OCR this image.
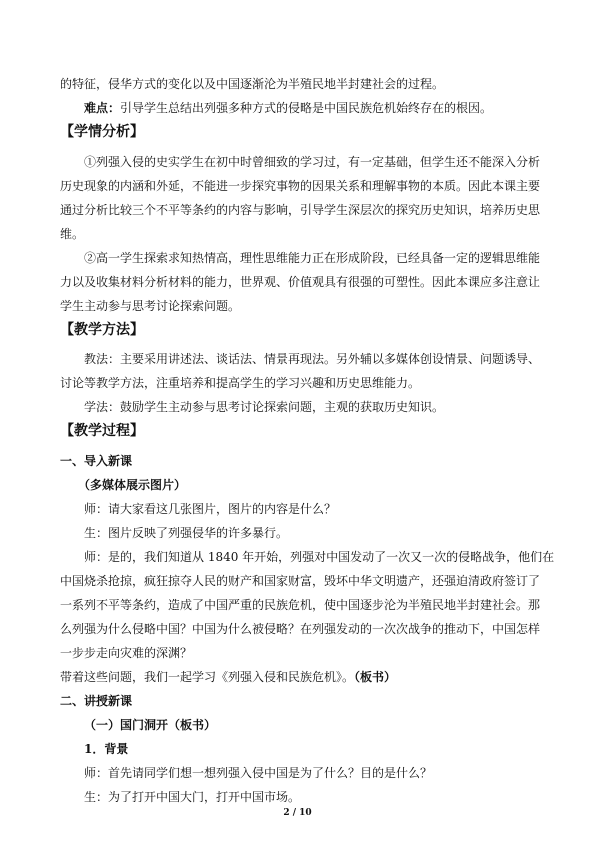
的特征，侵华方式的变化以及中国逐渐沦为半殖民地半封建社会的过程。
难点：引导学生总结出列强多种方式的侵略是中国民族危机始终存在的根因。
【学情分析】
①列强入侵的史实学生在初中时曾细致的学习过，有一定基础，但学生还不能深入分析
历史现象的内涵和外延，不能进一步探究事物的因果关系和理解事物的本质。因此本课主要
通过分析比较三个不平等条约的内容与影响，引导学生深层次的探究历史知识，培养历史思
维。
②高一学生探索求知热情高，理性思维能力正在形成阶段，已经具备一定的逻辑思维能
力以及收集材料分析材料的能力，世界观、价值观具有很强的可塑性。因此本课应多注意让
学生主动参与思考讨论探索问题。
【教学方法】
教法：主要采用讲述法、谈话法、情景再现法。另外辅以多媒体创设情景、问题诱导、
讨论等教学方法，注重培养和提高学生的学习兴趣和历史思维能力。
学法：鼓励学生主动参与思考讨论探索问题，主观的获取历史知识。
【教学过程】
一、导入新课
（多媒体展示图片）
师：请大家看这几张图片，图片的内容是什么？
生：图片反映了列强侵华的许多暴行。
师：是的，我们知道从 1840 年开始，列强对中国发动了一次又一次的侵略战争，他们在
中国烧杀抢掠，疯狂掠夺人民的财产和国家财富，毁坏中华文明遗产，还强迫清政府签订了
一系列不平等条约，造成了中国严重的民族危机，使中国逐步沦为半殖民地半封建社会。那
么列强为什么侵略中国？中国为什么被侵略？在列强发动的一次次战争的推动下，中国怎样
一步步走向灾难的深渊？
带着这些问题，我们一起学习《列强入侵和民族危机》。（板书）
二、讲授新课
（一）国门洞开（板书）
1．背景
师：首先请同学们想一想列强入侵中国是为了什么？目的是什么？
生：为了打开中国大门，打开中国市场。
2 / 10
